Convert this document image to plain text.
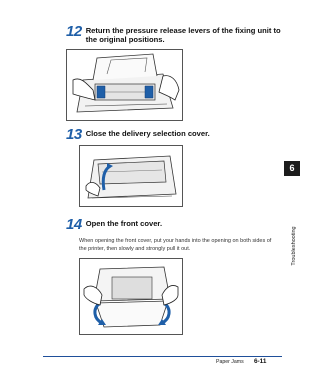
12 Return the pressure release levers of the fixing unit to the original positions.
13 Close the delivery selection cover.
14 Open the front cover.
When opening the front cover, put your hands into the opening on both sides of the printer, then slowly and strongly pull it out.
6
Troubleshooting
Paper Jams 6-11
